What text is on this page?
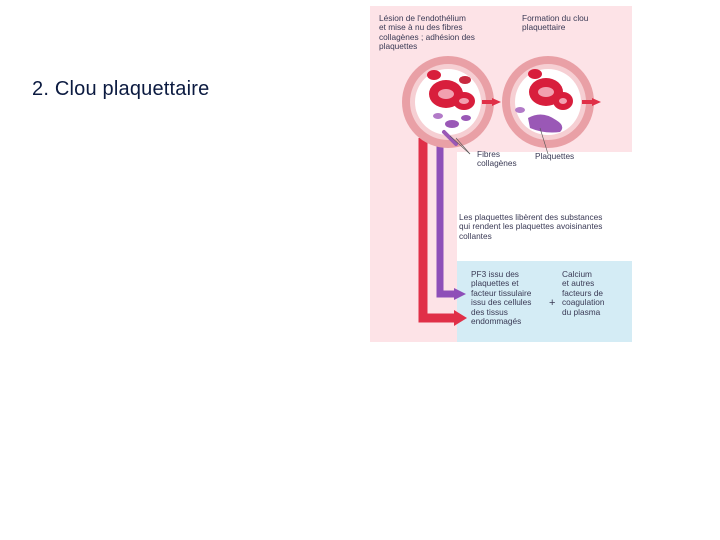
2. Clou plaquettaire
Lésion de l'endothélium
et mise à nu des fibres
collagènes ; adhésion des
plaquettes
Formation du clou
plaquettaire
Fibres
collagènes
Plaquettes
Les plaquettes libèrent des substances
qui rendent les plaquettes avoisinantes
collantes
PF3 issu des
plaquettes et
facteur tissulaire
issu des cellules
des tissus
endommagés
+
Calcium
et autres
facteurs de
coagulation
du plasma
